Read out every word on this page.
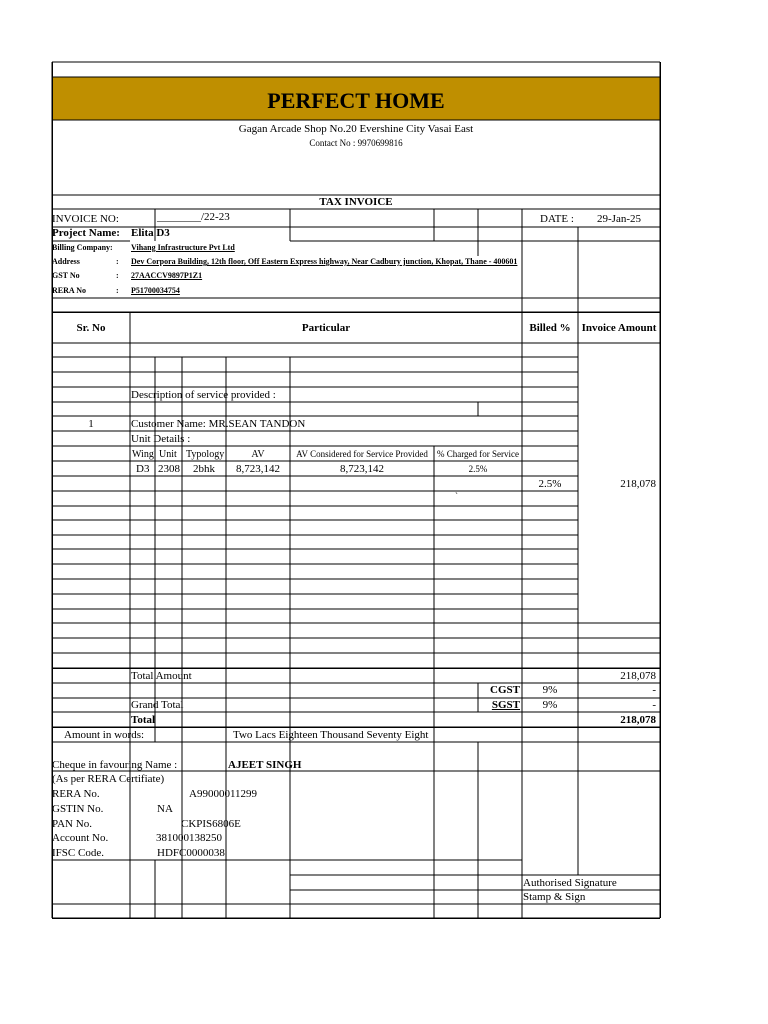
PERFECT HOME
Gagan Arcade Shop No.20 Evershine City Vasai East
Contact No : 9970699816
TAX INVOICE
INVOICE NO:	________/22-23	DATE : 29-Jan-25
Project Name: Elita D3
Billing Company: Vihang Infrastructure Pvt Ltd
Address	: Dev Corpora Building, 12th floor, Off Eastern Express highway, Near Cadbury junction, Khopat, Thane - 400601
GST No	: 27AACCV9897P1Z1
RERA No	: P51700034754
Sr. No	Particular	Billed % Invoice Amount
Description of service provided :
1	Customer Name: MR.SEAN TANDON
Unit Details :
Wing Unit Typology	AV	AV Considered for Service Provided	% Charged for Service
D3 2308 2bhk	8,723,142	8,723,142	2.5%
2.5%	218,078
`
Total Amount	218,078
CGST	9%	-
Grand Total	SGST	9%	-
Total	218,078
Amount in words:	Two Lacs Eighteen Thousand Seventy Eight
Cheque in favouring Name :	AJEET SINGH
(As per RERA Certifiate)
RERA No.	A99000011299
GSTIN No.	NA
PAN No.	CKPIS6806E
Account No.	381000138250
IFSC Code.	HDFC0000038
Authorised Signature
Stamp & Sign
